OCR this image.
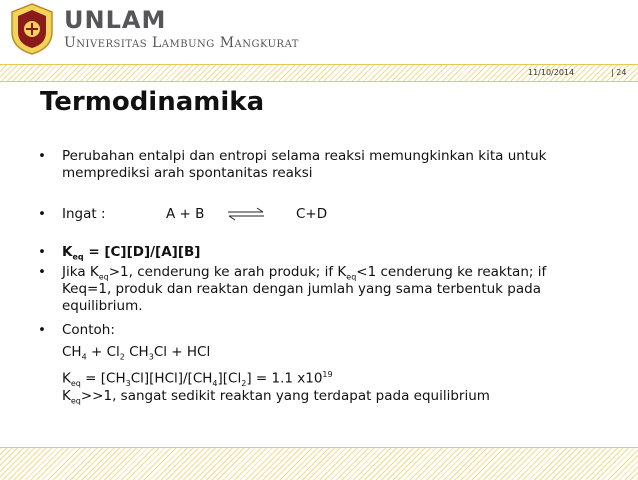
UNLAM
Universitas Lambung Mangkurat
11/10/2014	| 24
Termodinamika
• Perubahan entalpi dan entropi selama reaksi memungkinkan kita untuk
memprediksi arah spontanitas reaksi
• Ingat :	A + B ⇌ C+D
• $K_{eq} = [C][D]/[A][B]$
• Jika $K_{eq}>1$, cenderung ke arah produk; if $K_{eq}<1$ cenderung ke reaktan; if
Keq=1, produk dan reaktan dengan jumlah yang sama terbentuk pada
equilibrium.
• Contoh:
$CH_4 + Cl_2$ $CH_3Cl$ + HCl
$K_{eq} = [CH_3Cl][HCl]/[CH_4][Cl_2] = 1.1$ $x10^{19}$
$K_{eq}>>1$, sangat sedikit reaktan yang terdapat pada equilibrium
